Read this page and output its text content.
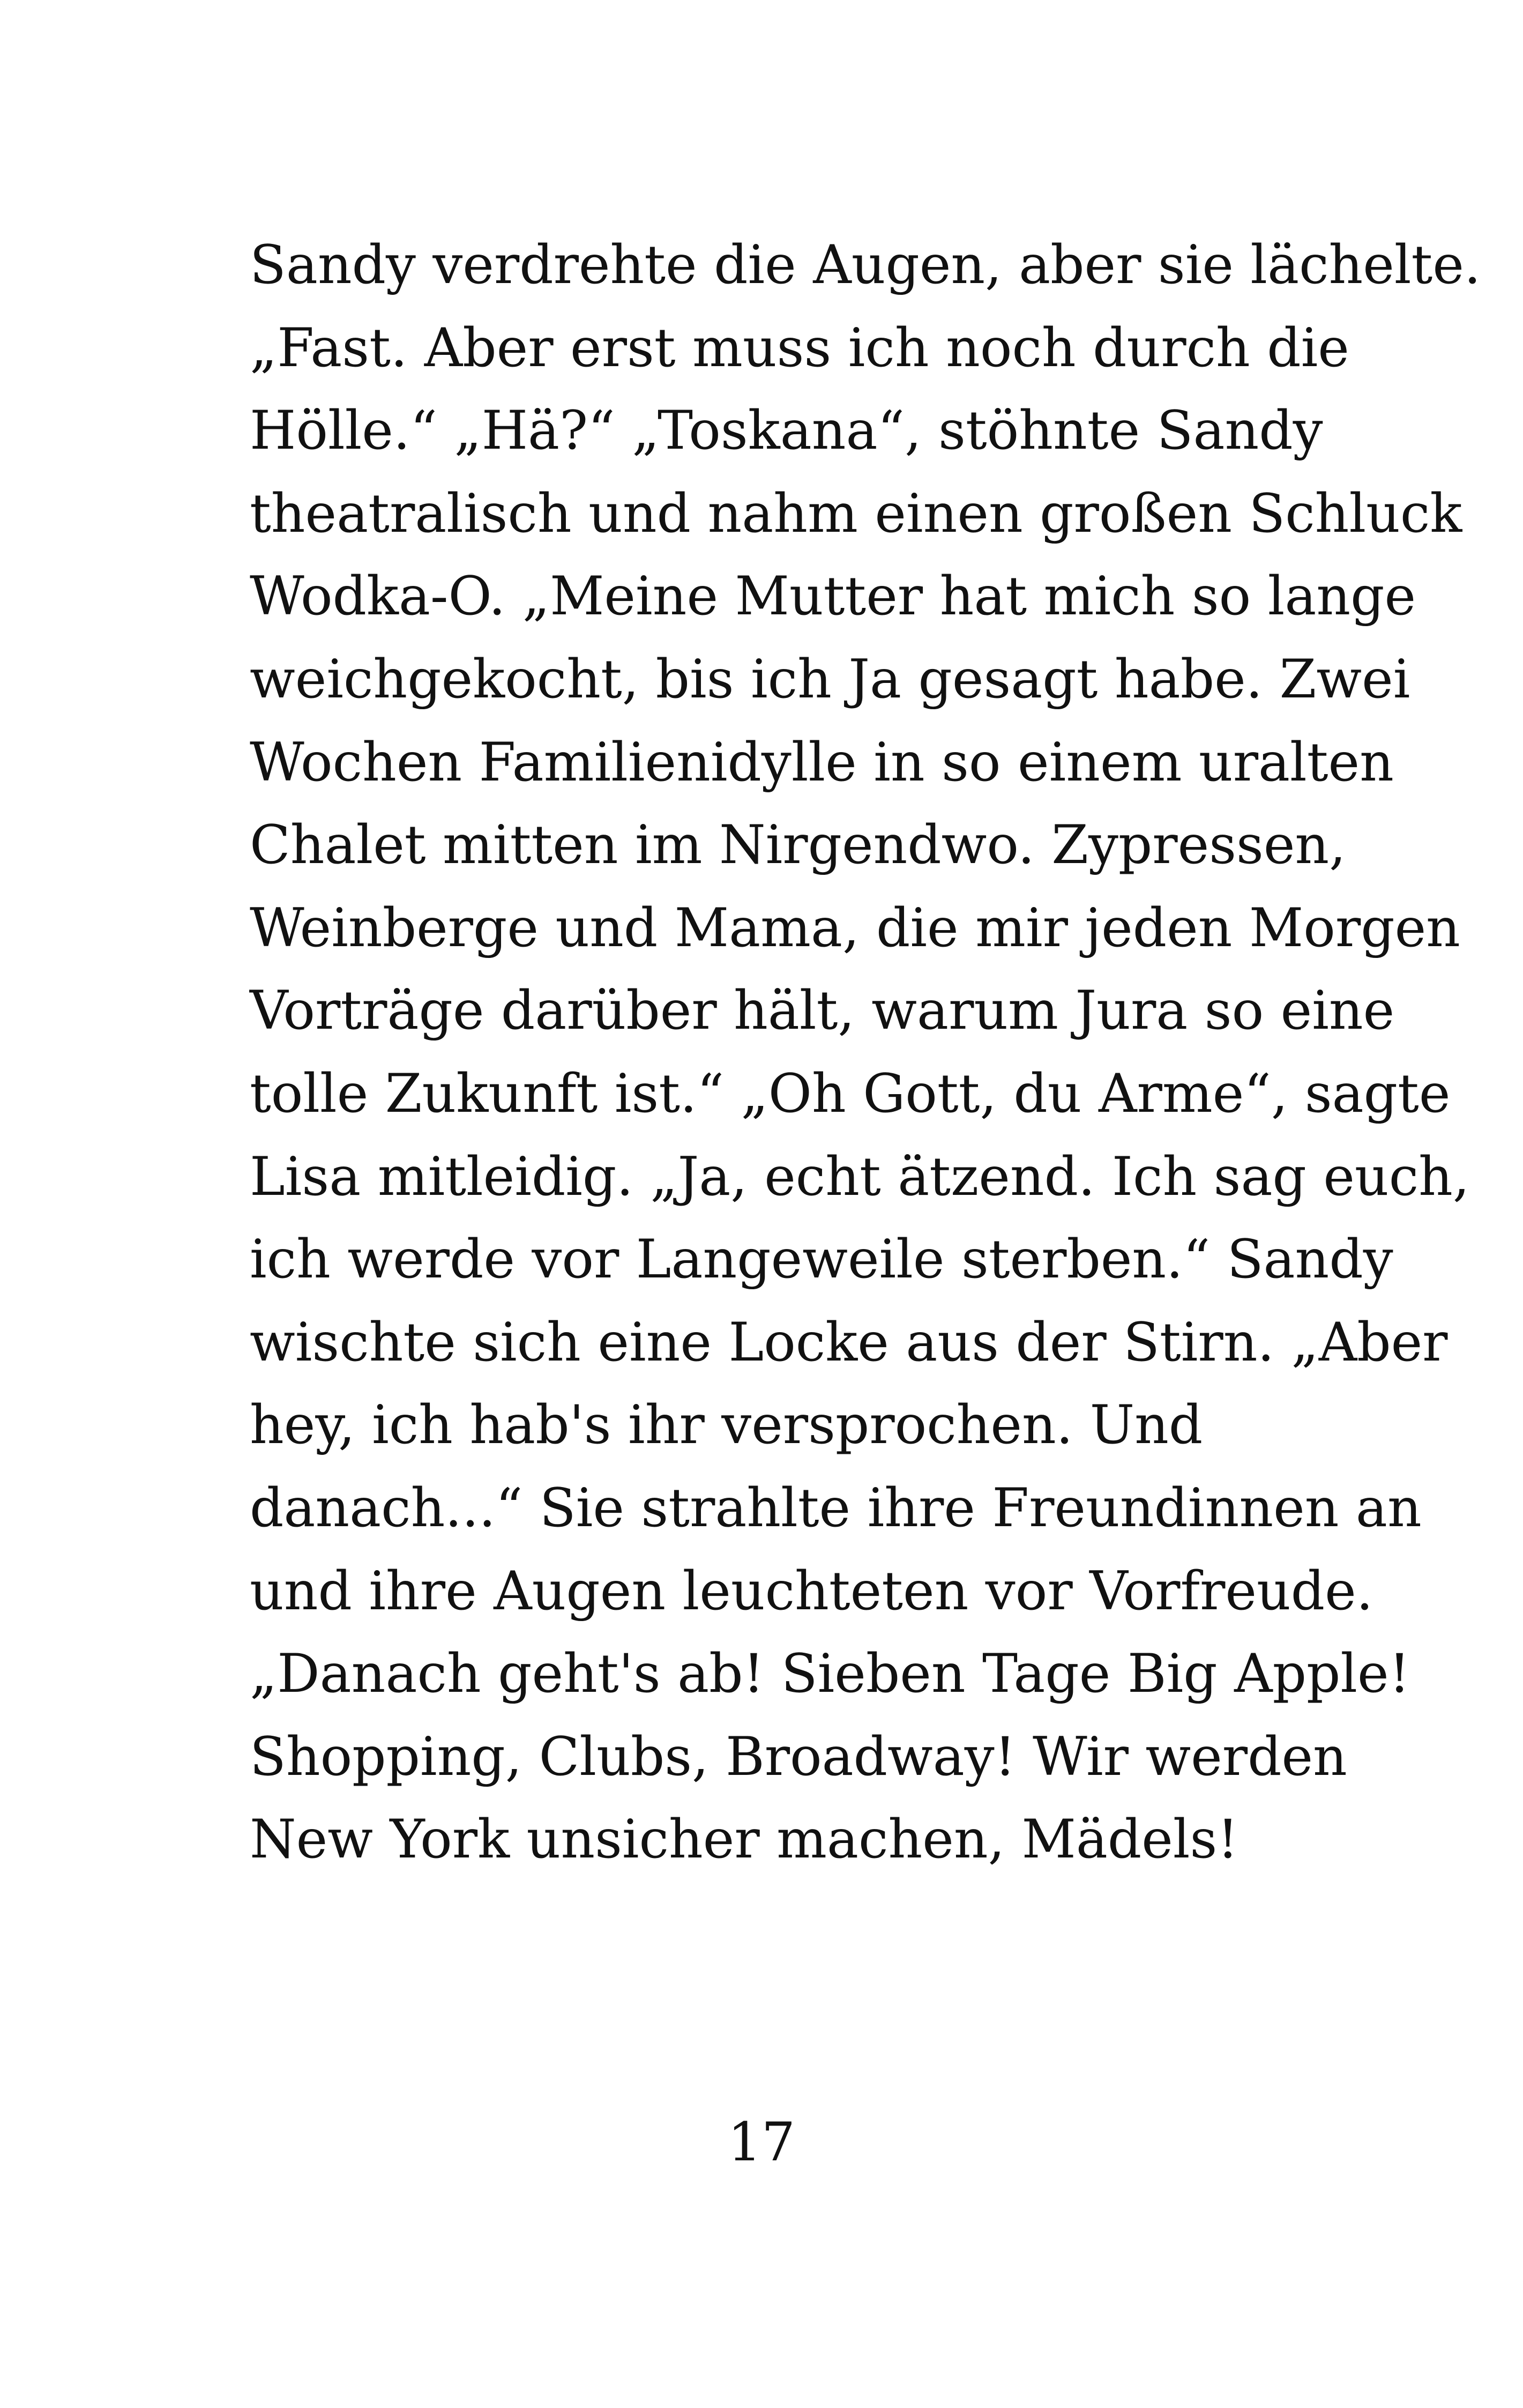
Sandy verdrehte die Augen, aber sie lächelte.
„Fast. Aber erst muss ich noch durch die
Hölle.“ „Hä?“ „Toskana“, stöhnte Sandy
theatralisch und nahm einen großen Schluck
Wodka-O. „Meine Mutter hat mich so lange
weichgekocht, bis ich Ja gesagt habe. Zwei
Wochen Familienidylle in so einem uralten
Chalet mitten im Nirgendwo. Zypressen,
Weinberge und Mama, die mir jeden Morgen
Vorträge darüber hält, warum Jura so eine
tolle Zukunft ist.“ „Oh Gott, du Arme“, sagte
Lisa mitleidig. „Ja, echt ätzend. Ich sag euch,
ich werde vor Langeweile sterben.“ Sandy
wischte sich eine Locke aus der Stirn. „Aber
hey, ich hab's ihr versprochen. Und
danach...“ Sie strahlte ihre Freundinnen an
und ihre Augen leuchteten vor Vorfreude.
„Danach geht's ab! Sieben Tage Big Apple!
Shopping, Clubs, Broadway! Wir werden
New York unsicher machen, Mädels!
17
